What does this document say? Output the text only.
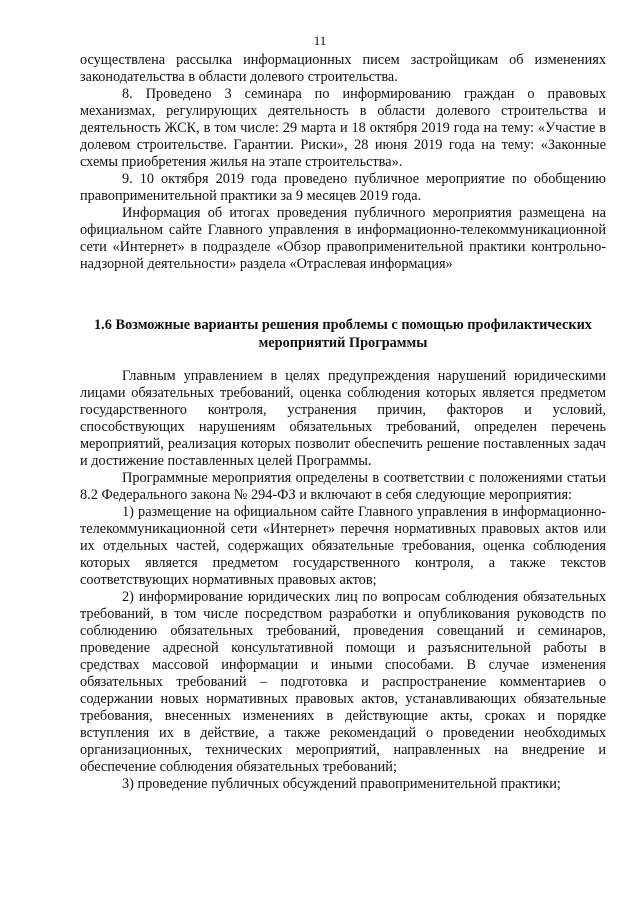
11

осуществлена рассылка информационных писем застройщикам об изменениях законодательства в области долевого строительства.

8. Проведено 3 семинара по информированию граждан о правовых механизмах, регулирующих деятельность в области долевого строительства и деятельность ЖСК, в том числе: 29 марта и 18 октября 2019 года на тему: «Участие в долевом строительстве. Гарантии. Риски», 28 июня 2019 года на тему: «Законные схемы приобретения жилья на этапе строительства».

9. 10 октября 2019 года проведено публичное мероприятие по обобщению правоприменительной практики за 9 месяцев 2019 года.

Информация об итогах проведения публичного мероприятия размещена на официальном сайте Главного управления в информационно-телекоммуникационной сети «Интернет» в подразделе «Обзор правоприменительной практики контрольно-надзорной деятельности» раздела «Отраслевая информация»

1.6 Возможные варианты решения проблемы с помощью профилактических мероприятий Программы

Главным управлением в целях предупреждения нарушений юридическими лицами обязательных требований, оценка соблюдения которых является предметом государственного контроля, устранения причин, факторов и условий, способствующих нарушениям обязательных требований, определен перечень мероприятий, реализация которых позволит обеспечить решение поставленных задач и достижение поставленных целей Программы.

Программные мероприятия определены в соответствии с положениями статьи 8.2 Федерального закона № 294-ФЗ и включают в себя следующие мероприятия:

1) размещение на официальном сайте Главного управления в информационно-телекоммуникационной сети «Интернет» перечня нормативных правовых актов или их отдельных частей, содержащих обязательные требования, оценка соблюдения которых является предметом государственного контроля, а также текстов соответствующих нормативных правовых актов;

2) информирование юридических лиц по вопросам соблюдения обязательных требований, в том числе посредством разработки и опубликования руководств по соблюдению обязательных требований, проведения совещаний и семинаров, проведение адресной консультативной помощи и разъяснительной работы в средствах массовой информации и иными способами. В случае изменения обязательных требований – подготовка и распространение комментариев о содержании новых нормативных правовых актов, устанавливающих обязательные требования, внесенных изменениях в действующие акты, сроках и порядке вступления их в действие, а также рекомендаций о проведении необходимых организационных, технических мероприятий, направленных на внедрение и обеспечение соблюдения обязательных требований;

3) проведение публичных обсуждений правоприменительной практики;
